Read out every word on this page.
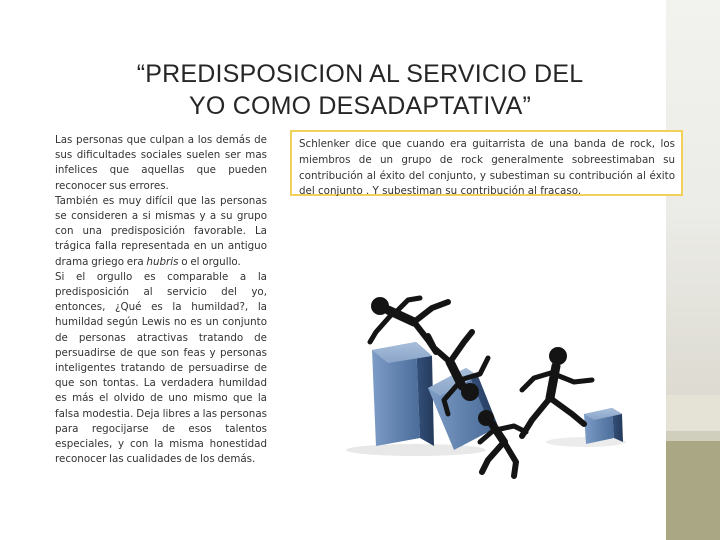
“PREDISPOSICION AL SERVICIO DEL
YO COMO DESADAPTATIVA”

Las personas que culpan a los demás de sus dificultades sociales suelen ser mas infelices que aquellas que pueden reconocer sus errores.

También es muy difícil que las personas se consideren a si mismas y a su grupo con una predisposición favorable. La trágica falla representada en un antiguo drama griego era hubris o el orgullo.

Si el orgullo es comparable a la predisposición al servicio del yo, entonces, ¿Qué es la humildad?, la humildad según Lewis no es un conjunto de personas atractivas tratando de persuadirse de que son feas y personas inteligentes tratando de persuadirse de que son tontas. La verdadera humildad es más el olvido de uno mismo que la falsa modestia. Deja libres a las personas para regocijarse de esos talentos especiales, y con la misma honestidad reconocer las cualidades de los demás.

Schlenker dice que cuando era guitarrista de una banda de rock, los miembros de un grupo de rock generalmente sobreestimaban su contribución al éxito del conjunto, y subestiman su contribución al éxito del conjunto . Y subestiman su contribución al fracaso.
